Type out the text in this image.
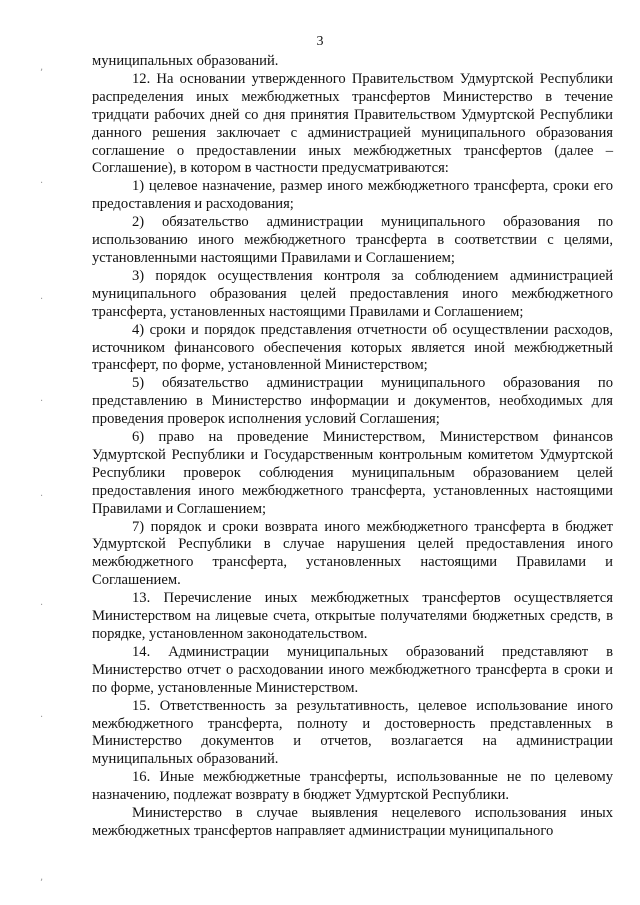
3
,
·
·
·
.
·
·
,

муниципальных образований.

12. На основании утвержденного Правительством Удмуртской Республики распределения иных межбюджетных трансфертов Министерство в течение тридцати рабочих дней со дня принятия Правительством Удмуртской Республики данного решения заключает с администрацией муниципального образования соглашение о предоставлении иных межбюджетных трансфертов (далее – Соглашение), в котором в частности предусматриваются:

1) целевое назначение, размер иного межбюджетного трансферта, сроки его предоставления и расходования;

2) обязательство администрации муниципального образования по использованию иного межбюджетного трансферта в соответствии с целями, установленными настоящими Правилами и Соглашением;

3) порядок осуществления контроля за соблюдением администрацией муниципального образования целей предоставления иного межбюджетного трансферта, установленных настоящими Правилами и Соглашением;

4) сроки и порядок представления отчетности об осуществлении расходов, источником финансового обеспечения которых является иной межбюджетный трансферт, по форме, установленной Министерством;

5) обязательство администрации муниципального образования по представлению в Министерство информации и документов, необходимых для проведения проверок исполнения условий Соглашения;

6) право на проведение Министерством, Министерством финансов Удмуртской Республики и Государственным контрольным комитетом Удмуртской Республики проверок соблюдения муниципальным образованием целей предоставления иного межбюджетного трансферта, установленных настоящими Правилами и Соглашением;

7) порядок и сроки возврата иного межбюджетного трансферта в бюджет Удмуртской Республики в случае нарушения целей предоставления иного межбюджетного трансферта, установленных настоящими Правилами и Соглашением.

13. Перечисление иных межбюджетных трансфертов осуществляется Министерством на лицевые счета, открытые получателями бюджетных средств, в порядке, установленном законодательством.

14. Администрации муниципальных образований представляют в Министерство отчет о расходовании иного межбюджетного трансферта в сроки и по форме, установленные Министерством.

15. Ответственность за результативность, целевое использование иного межбюджетного трансферта, полноту и достоверность представленных в Министерство документов и отчетов, возлагается на администрации муниципальных образований.

16. Иные межбюджетные трансферты, использованные не по целевому назначению, подлежат возврату в бюджет Удмуртской Республики.

Министерство в случае выявления нецелевого использования иных межбюджетных трансфертов направляет администрации муниципального
